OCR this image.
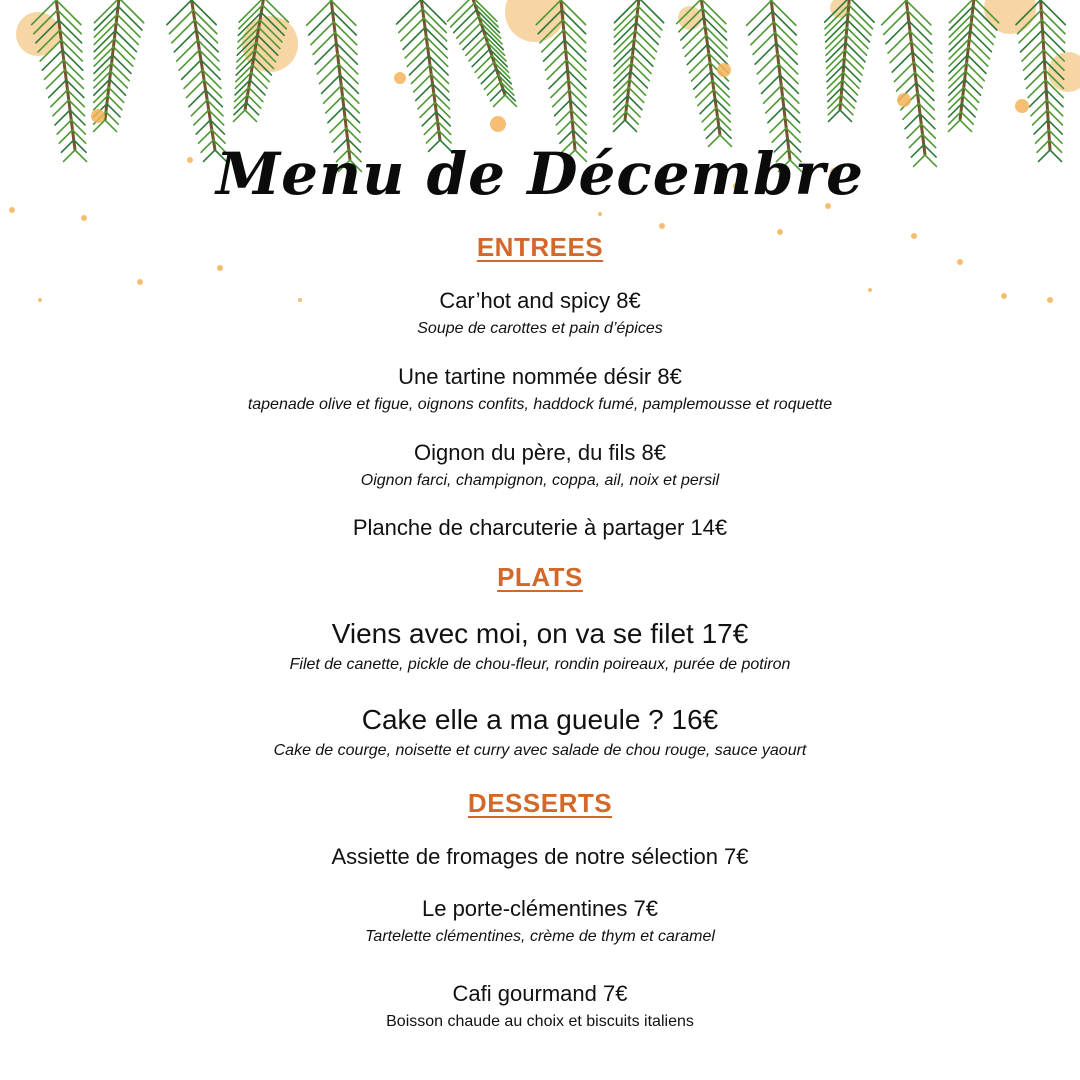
Menu de Décembre
ENTREES
Car’hot and spicy 8€
Soupe de carottes et pain d’épices
Une tartine nommée désir 8€
tapenade olive et figue, oignons confits, haddock fumé, pamplemousse et roquette
Oignon du père, du fils 8€
Oignon farci, champignon, coppa, ail, noix et persil
Planche de charcuterie à partager 14€
PLATS
Viens avec moi, on va se filet 17€
Filet de canette, pickle de chou-fleur, rondin poireaux, purée de potiron
Cake elle a ma gueule ? 16€
Cake de courge, noisette et curry avec salade de chou rouge, sauce yaourt
DESSERTS
Assiette de fromages de notre sélection 7€
Le porte-clémentines 7€
Tartelette clémentines, crème de thym et caramel
Cafi gourmand 7€
Boisson chaude au choix et biscuits italiens
